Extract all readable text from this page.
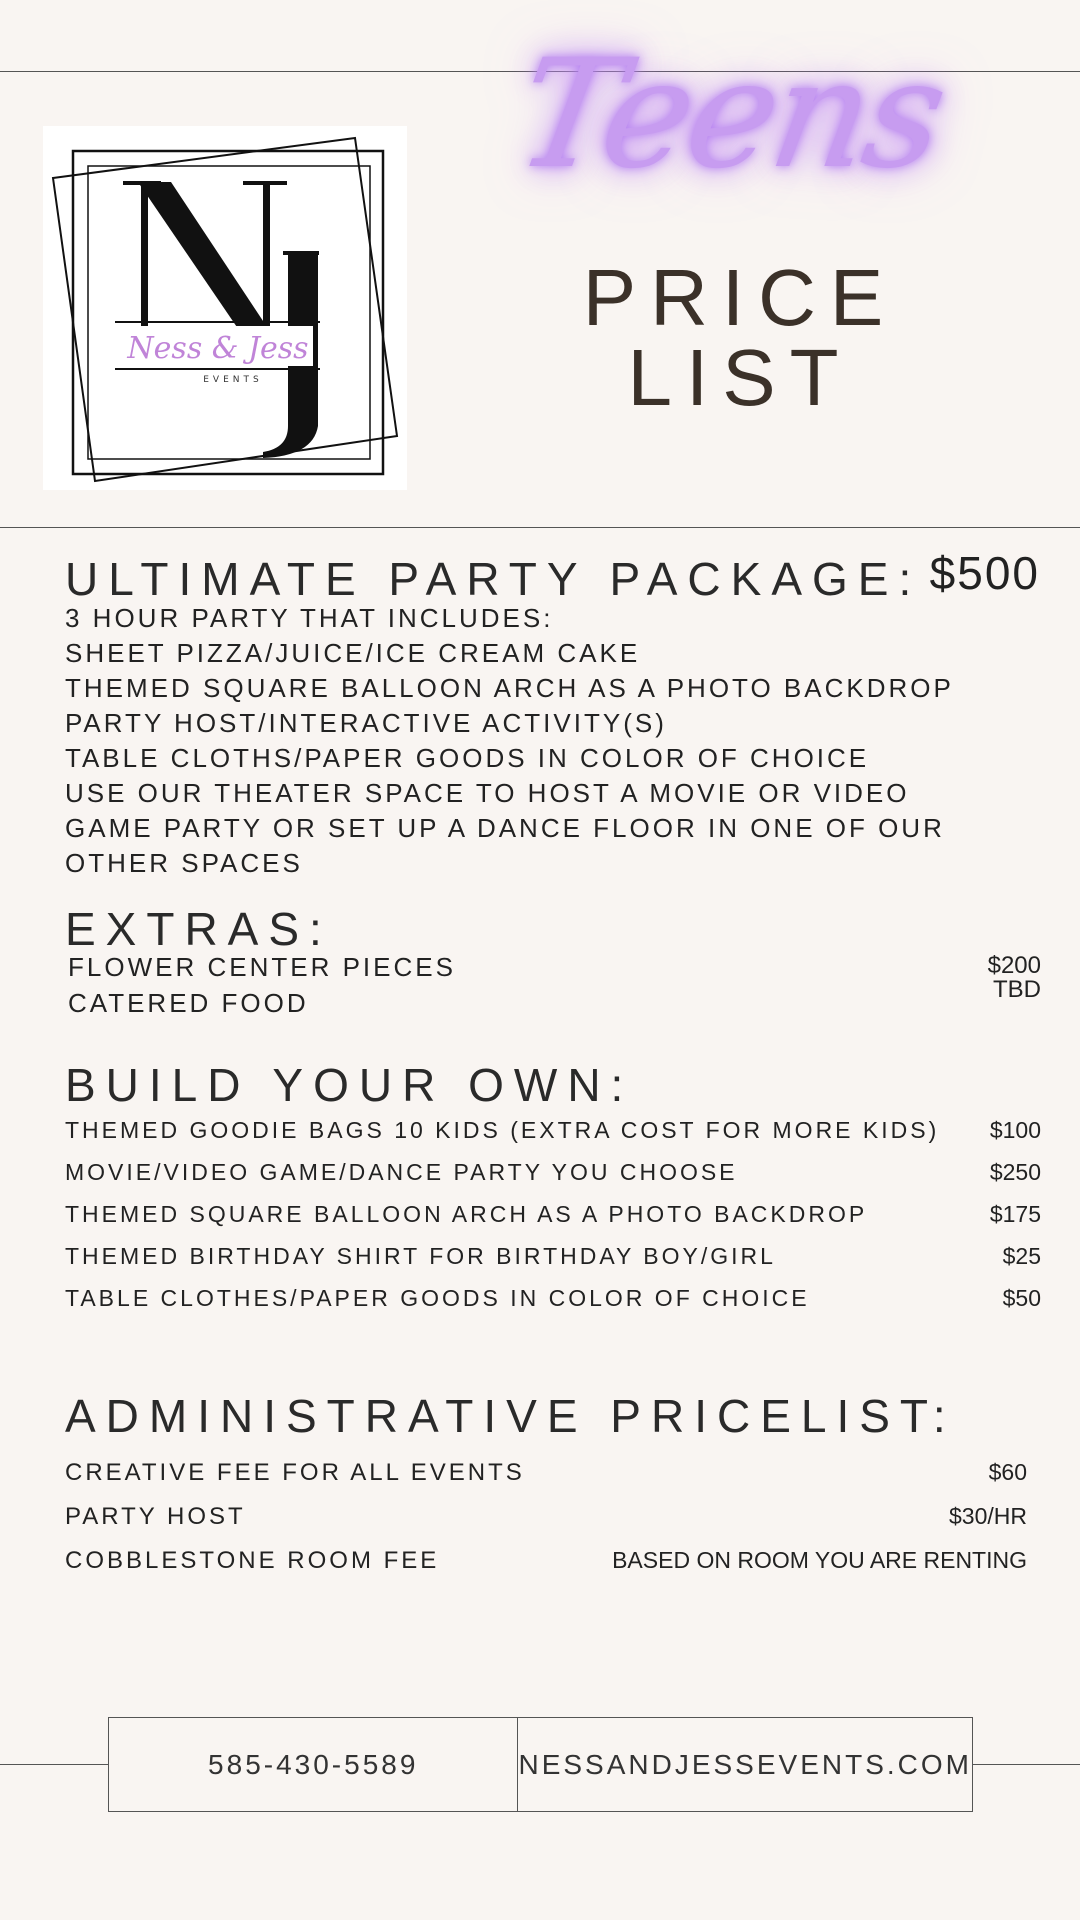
Ness & Jess
EVENTS
Teens
PRICE LIST
ULTIMATE PARTY PACKAGE: $500
3 HOUR PARTY THAT INCLUDES:
SHEET PIZZA/JUICE/ICE CREAM CAKE
THEMED SQUARE BALLOON ARCH AS A PHOTO BACKDROP
PARTY HOST/INTERACTIVE ACTIVITY(S)
TABLE CLOTHS/PAPER GOODS IN COLOR OF CHOICE
USE OUR THEATER SPACE TO HOST A MOVIE OR VIDEO
GAME PARTY OR SET UP A DANCE FLOOR IN ONE OF OUR
OTHER SPACES
EXTRAS:
FLOWER CENTER PIECES	$200
CATERED FOOD	TBD
BUILD YOUR OWN:
THEMED GOODIE BAGS 10 KIDS (EXTRA COST FOR MORE KIDS) $100
MOVIE/VIDEO GAME/DANCE PARTY YOU CHOOSE	$250
THEMED SQUARE BALLOON ARCH AS A PHOTO BACKDROP	$175
THEMED BIRTHDAY SHIRT FOR BIRTHDAY BOY/GIRL	$25
TABLE CLOTHES/PAPER GOODS IN COLOR OF CHOICE	$50
ADMINISTRATIVE PRICELIST:
CREATIVE FEE FOR ALL EVENTS	$60
PARTY HOST	$30/HR
COBBLESTONE ROOM FEE	BASED ON ROOM YOU ARE RENTING
585-430-5589	NESSANDJESSEVENTS.COM
